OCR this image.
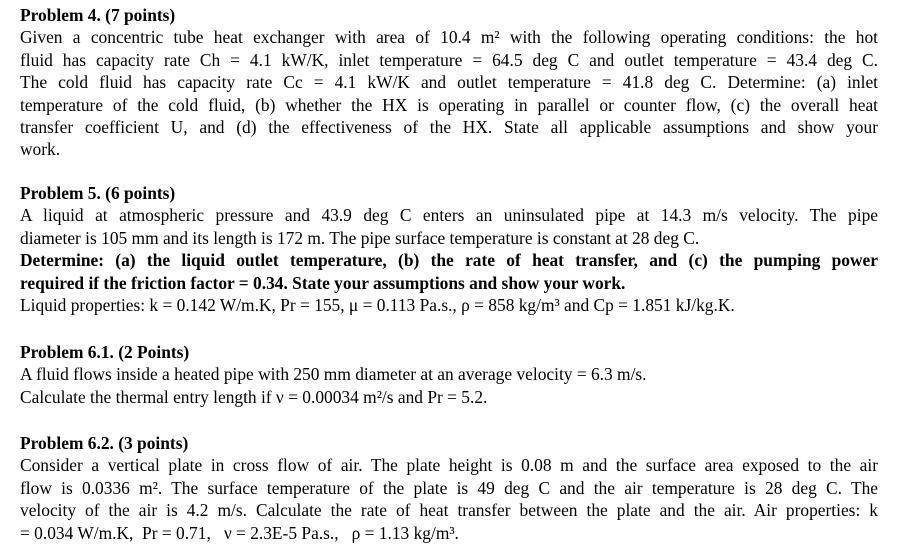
Problem 4. (7 points)

Given a concentric tube heat exchanger with area of 10.4 m² with the following operating conditions: the hot
fluid has capacity rate Ch = 4.1 kW/K, inlet temperature = 64.5 deg C and outlet temperature = 43.4 deg C.
The cold fluid has capacity rate Cc = 4.1 kW/K and outlet temperature = 41.8 deg C. Determine: (a) inlet
temperature of the cold fluid, (b) whether the HX is operating in parallel or counter flow, (c) the overall heat
transfer coefficient U, and (d) the effectiveness of the HX. State all applicable assumptions and show your
work.

Problem 5. (6 points)

A liquid at atmospheric pressure and 43.9 deg C enters an uninsulated pipe at 14.3 m/s velocity. The pipe
diameter is 105 mm and its length is 172 m. The pipe surface temperature is constant at 28 deg C.
Determine: (a) the liquid outlet temperature, (b) the rate of heat transfer, and (c) the pumping power
required if the friction factor = 0.34. State your assumptions and show your work.
Liquid properties: k = 0.142 W/m.K, Pr = 155, μ = 0.113 Pa.s., ρ = 858 kg/m³ and Cp = 1.851 kJ/kg.K.

Problem 6.1. (2 Points)

A fluid flows inside a heated pipe with 250 mm diameter at an average velocity = 6.3 m/s.
Calculate the thermal entry length if ν = 0.00034 m²/s and Pr = 5.2.

Problem 6.2. (3 points)

Consider a vertical plate in cross flow of air. The plate height is 0.08 m and the surface area exposed to the air
flow is 0.0336 m². The surface temperature of the plate is 49 deg C and the air temperature is 28 deg C. The
velocity of the air is 4.2 m/s. Calculate the rate of heat transfer between the plate and the air. Air properties: k
= 0.034 W/m.K,  Pr = 0.71,   ν = 2.3E-5 Pa.s.,   ρ = 1.13 kg/m³.
